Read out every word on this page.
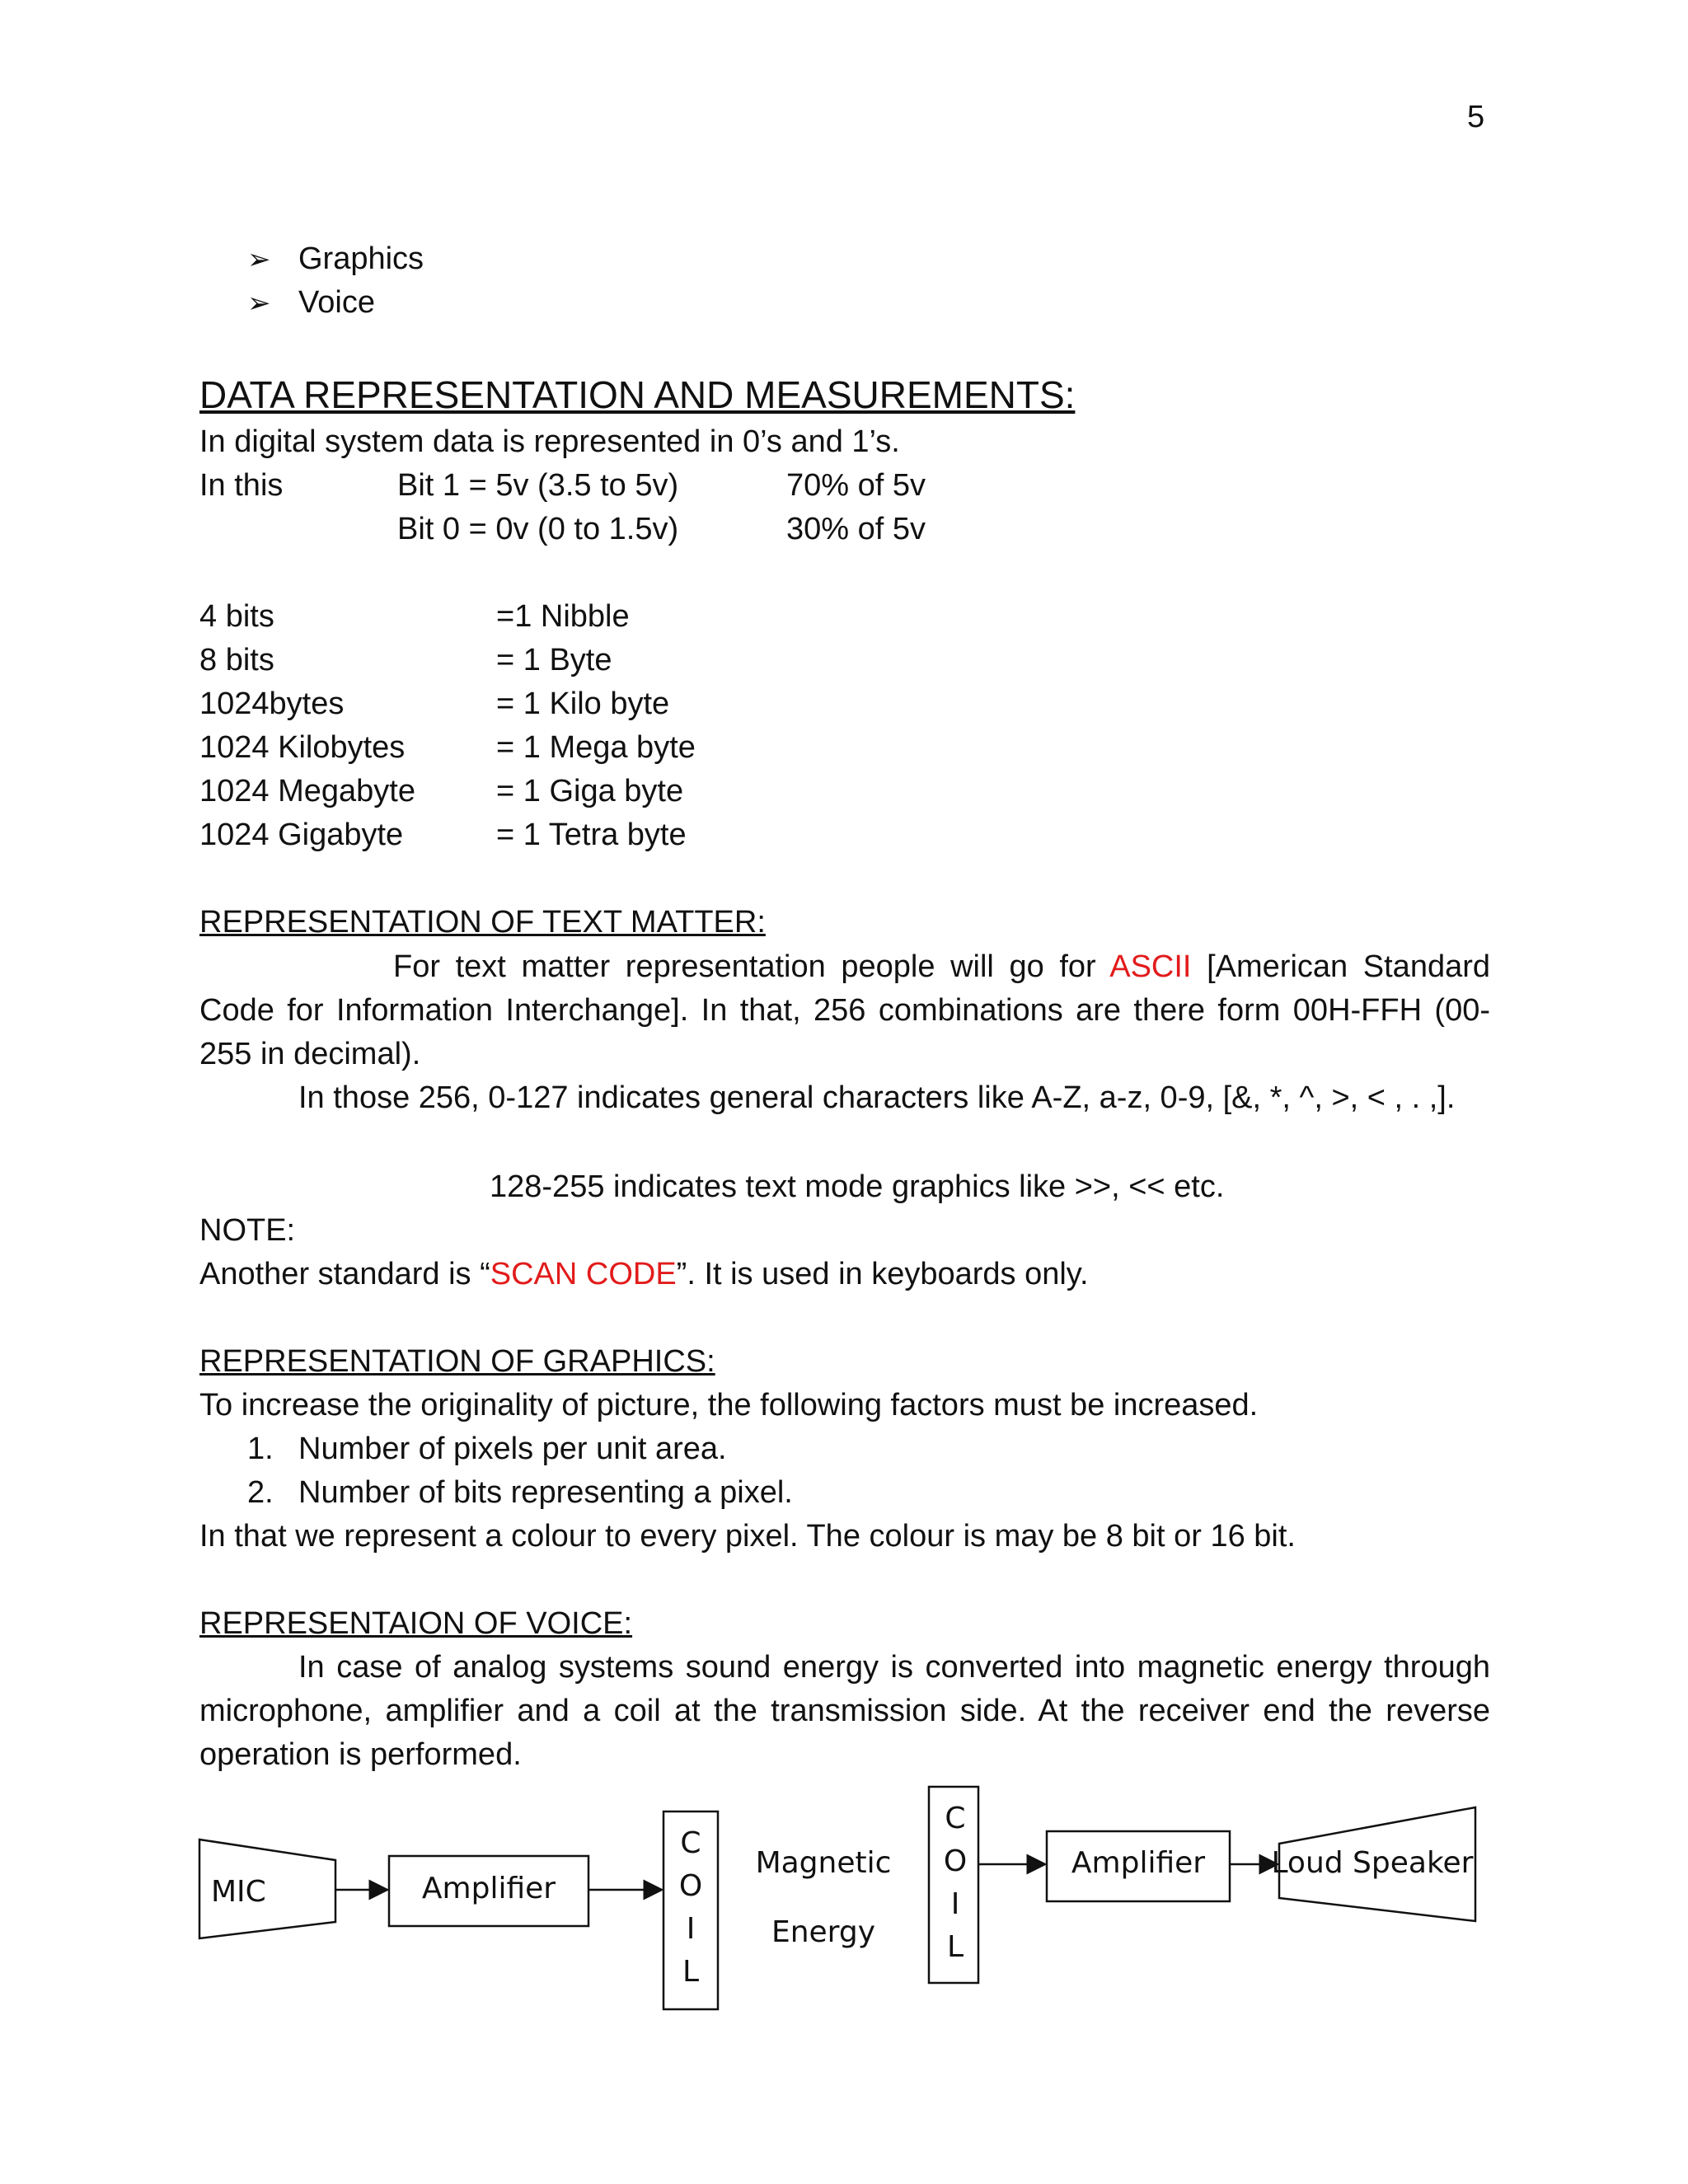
5
➢ Graphics
➢ Voice
DATA REPRESENTATION AND MEASUREMENTS:
In digital system data is represented in 0’s and 1’s.
In this	Bit 1 = 5v (3.5 to 5v)	70% of 5v
Bit 0 = 0v (0 to 1.5v)	30% of 5v
4 bits	=1 Nibble
8 bits	= 1 Byte
1024bytes	= 1 Kilo byte
1024 Kilobytes	= 1 Mega byte
1024 Megabyte	= 1 Giga byte
1024 Gigabyte	= 1 Tetra byte
REPRESENTATION OF TEXT MATTER:
For text matter representation people will go for ASCII [American Standard Code for Information Interchange]. In that, 256 combinations are there form 00H-FFH (00-255 in decimal).
In those 256, 0-127 indicates general characters like A-Z, a-z, 0-9, [&, *, ^, >, < , . ,].
128-255 indicates text mode graphics like >>, << etc.
NOTE:
Another standard is “SCAN CODE”. It is used in keyboards only.
REPRESENTATION OF GRAPHICS:
To increase the originality of picture, the following factors must be increased.
1. Number of pixels per unit area.
2. Number of bits representing a pixel.
In that we represent a colour to every pixel. The colour is may be 8 bit or 16 bit.
REPRESENTAION OF VOICE:
In case of analog systems sound energy is converted into magnetic energy through microphone, amplifier and a coil at the transmission side. At the receiver end the reverse operation is performed.
MIC	Amplifier
C
O
I
L
Magnetic
Energy
C
O
I
L
Amplifier Loud Speaker
